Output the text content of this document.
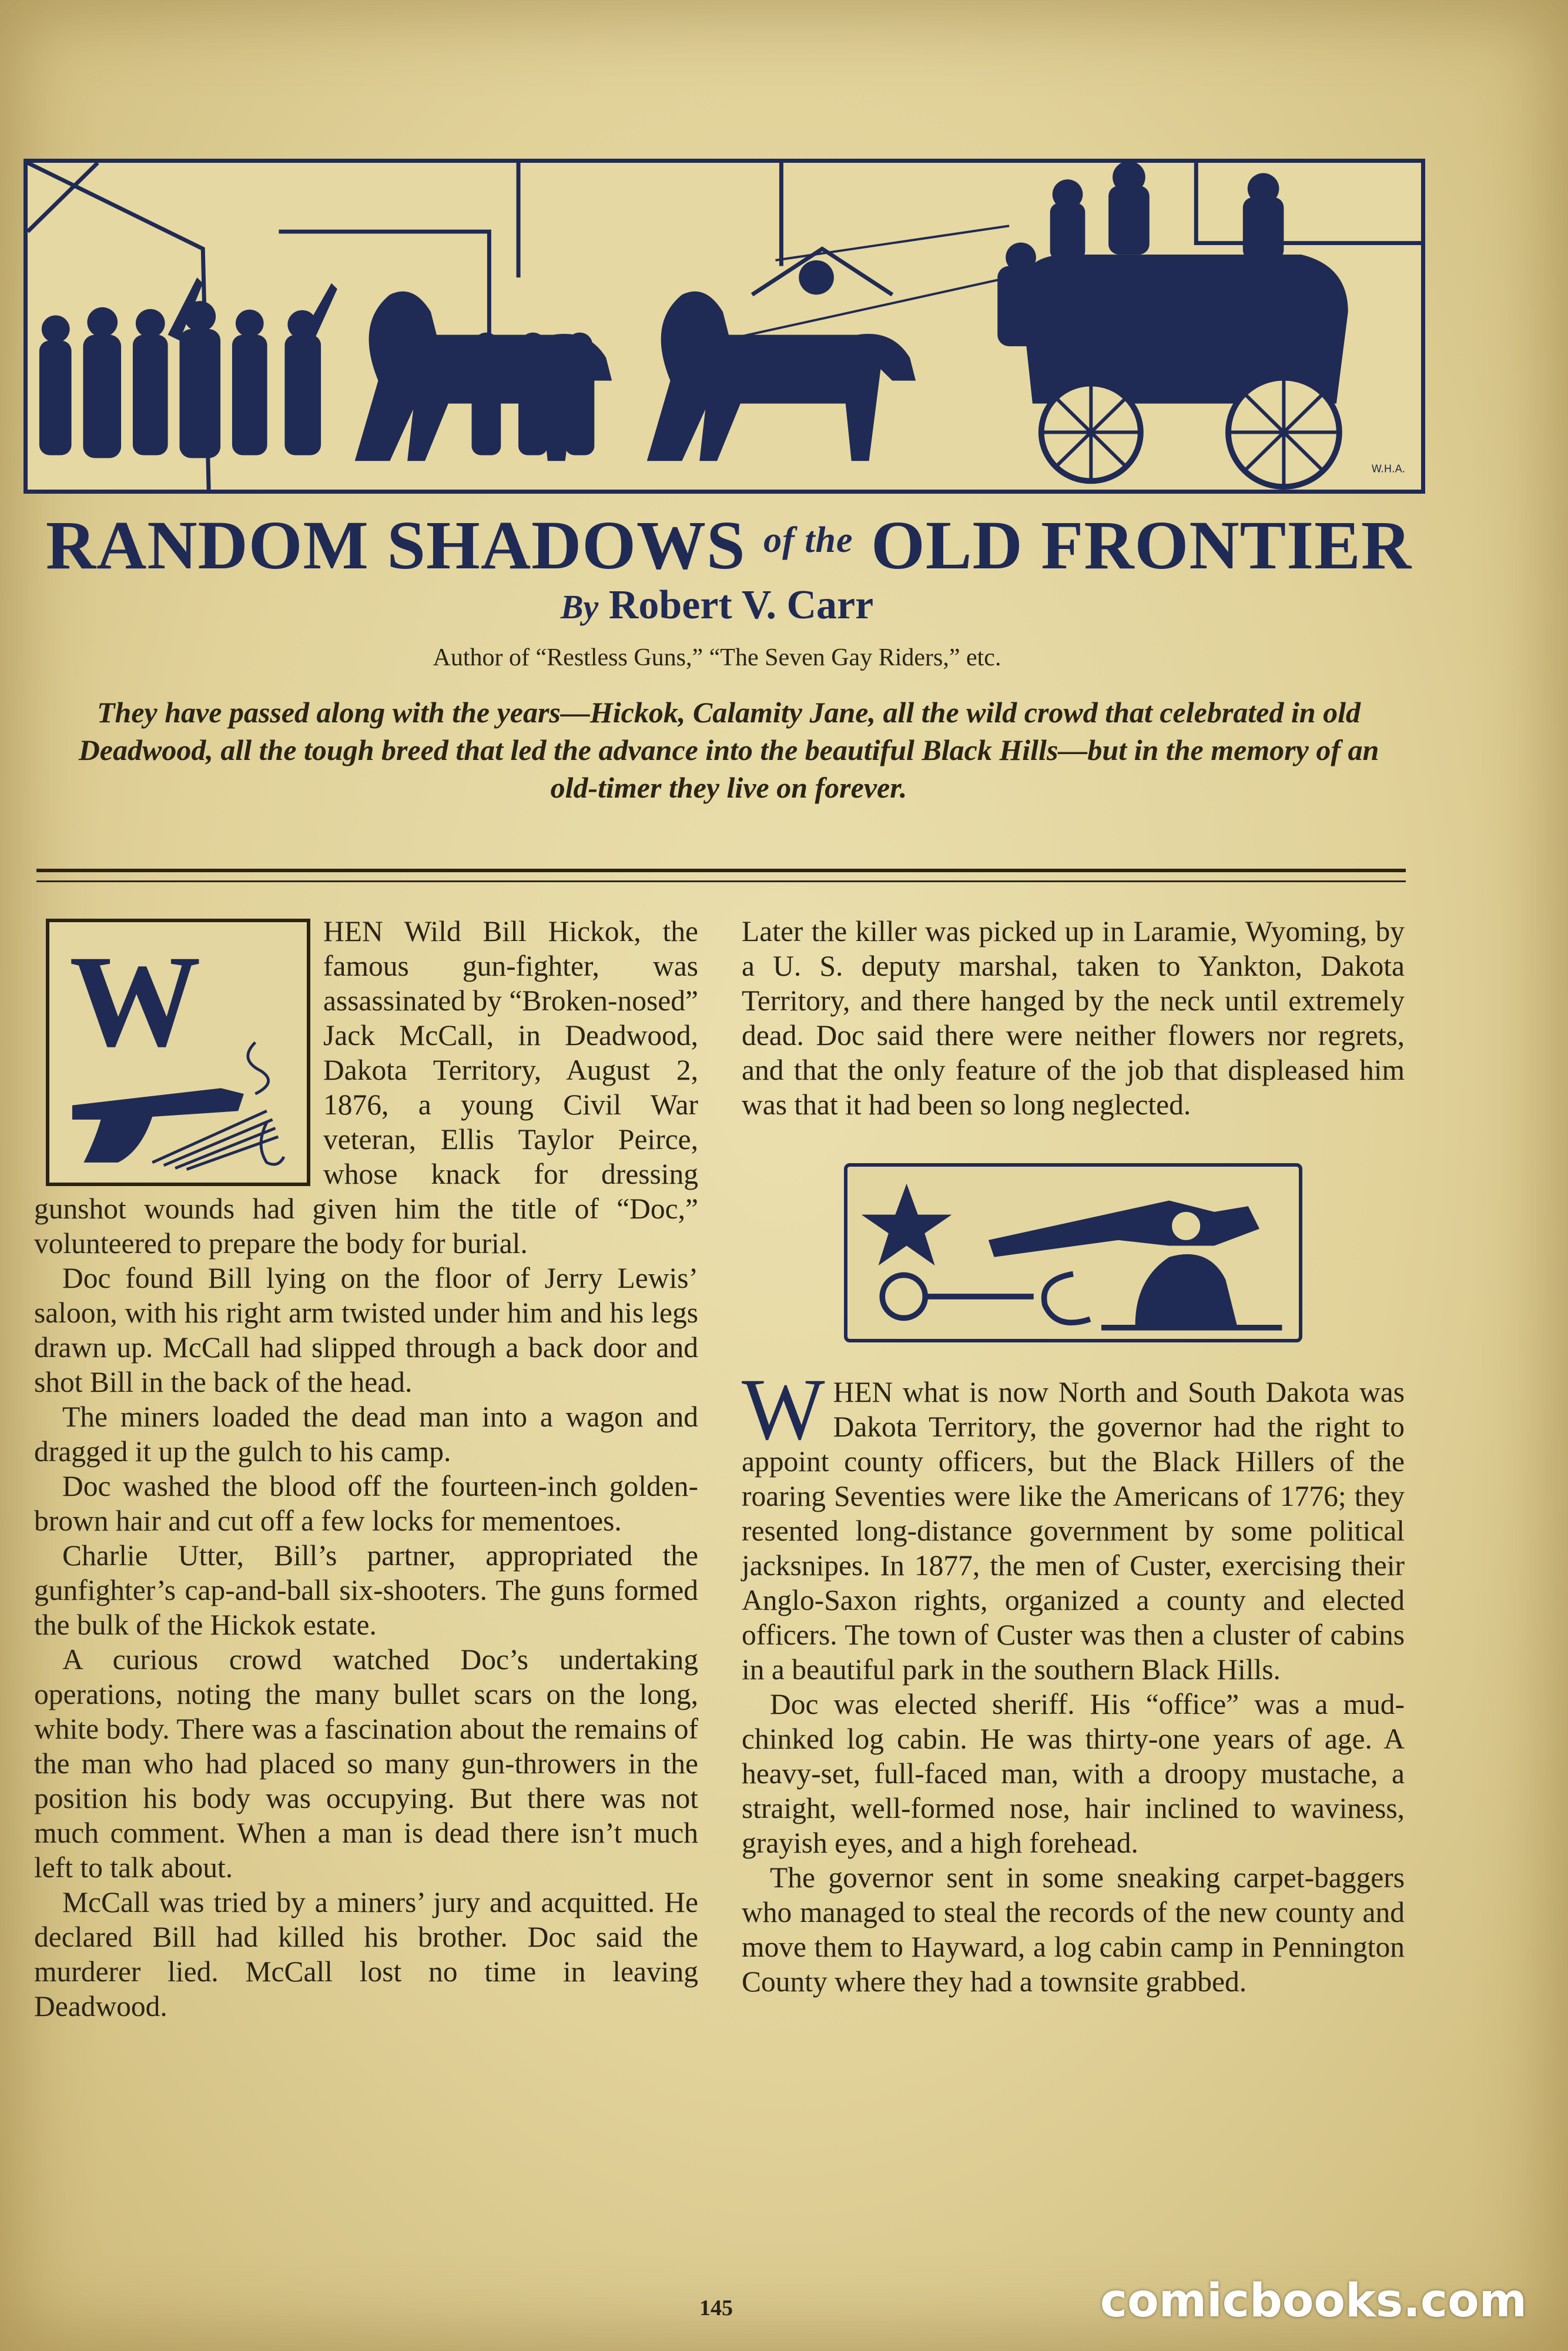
W.H.A.
RANDOM SHADOWS $^{of the}$ OLD FRONTIER
By Robert V. Carr
Author of “Restless Guns,” “The Seven Gay Riders,” etc.
They have passed along with the years—Hickok, Calamity Jane, all the wild crowd that celebrated in old Deadwood, all the tough breed that led the advance into the beautiful Black Hills—but in the memory of an old-timer they live on forever.
W	HEN Wild Bill Hickok, the famous gun-fighter, was assassinated by “Broken-nosed” Jack McCall, in Deadwood, Dakota Territory, August 2, 1876, a young Civil War veteran, Ellis Taylor Peirce, whose knack for dressing gunshot wounds had given him the title of “Doc,” volunteered to prepare the body for burial.

Doc found Bill lying on the floor of Jerry Lewis’ saloon, with his right arm twisted under him and his legs drawn up. McCall had slipped through a back door and shot Bill in the back of the head.

The miners loaded the dead man into a wagon and dragged it up the gulch to his camp.

Doc washed the blood off the fourteen-inch golden-brown hair and cut off a few locks for mementoes.

Charlie Utter, Bill’s partner, appropriated the gunfighter’s cap-and-ball six-shooters. The guns formed the bulk of the Hickok estate.

A curious crowd watched Doc’s undertaking operations, noting the many bullet scars on the long, white body. There was a fascination about the remains of the man who had placed so many gun-throwers in the position his body was occupying. But there was not much comment. When a man is dead there isn’t much left to talk about.

McCall was tried by a miners’ jury and acquitted. He declared Bill had killed his brother. Doc said the murderer lied. McCall lost no time in leaving Deadwood.

Later the killer was picked up in Laramie, Wyoming, by a U. S. deputy marshal, taken to Yankton, Dakota Territory, and there hanged by the neck until extremely dead. Doc said there were neither flowers nor regrets, and that the only feature of the job that displeased him was that it had been so long neglected.

W HEN what is now North and South Dakota was Dakota Territory, the governor had the right to appoint county officers, but the Black Hillers of the roaring Seventies were like the Americans of 1776; they resented long-distance government by some political jacksnipes. In 1877, the men of Custer, exercising their Anglo-Saxon rights, organized a county and elected officers. The town of Custer was then a cluster of cabins in a beautiful park in the southern Black Hills.

Doc was elected sheriff. His “office” was a mud-chinked log cabin. He was thirty-one years of age. A heavy-set, full-faced man, with a droopy mustache, a straight, well-formed nose, hair inclined to waviness, grayish eyes, and a high forehead.

The governor sent in some sneaking carpet-baggers who managed to steal the records of the new county and move them to Hayward, a log cabin camp in Pennington County where they had a townsite grabbed.

145	comicbooks.com
